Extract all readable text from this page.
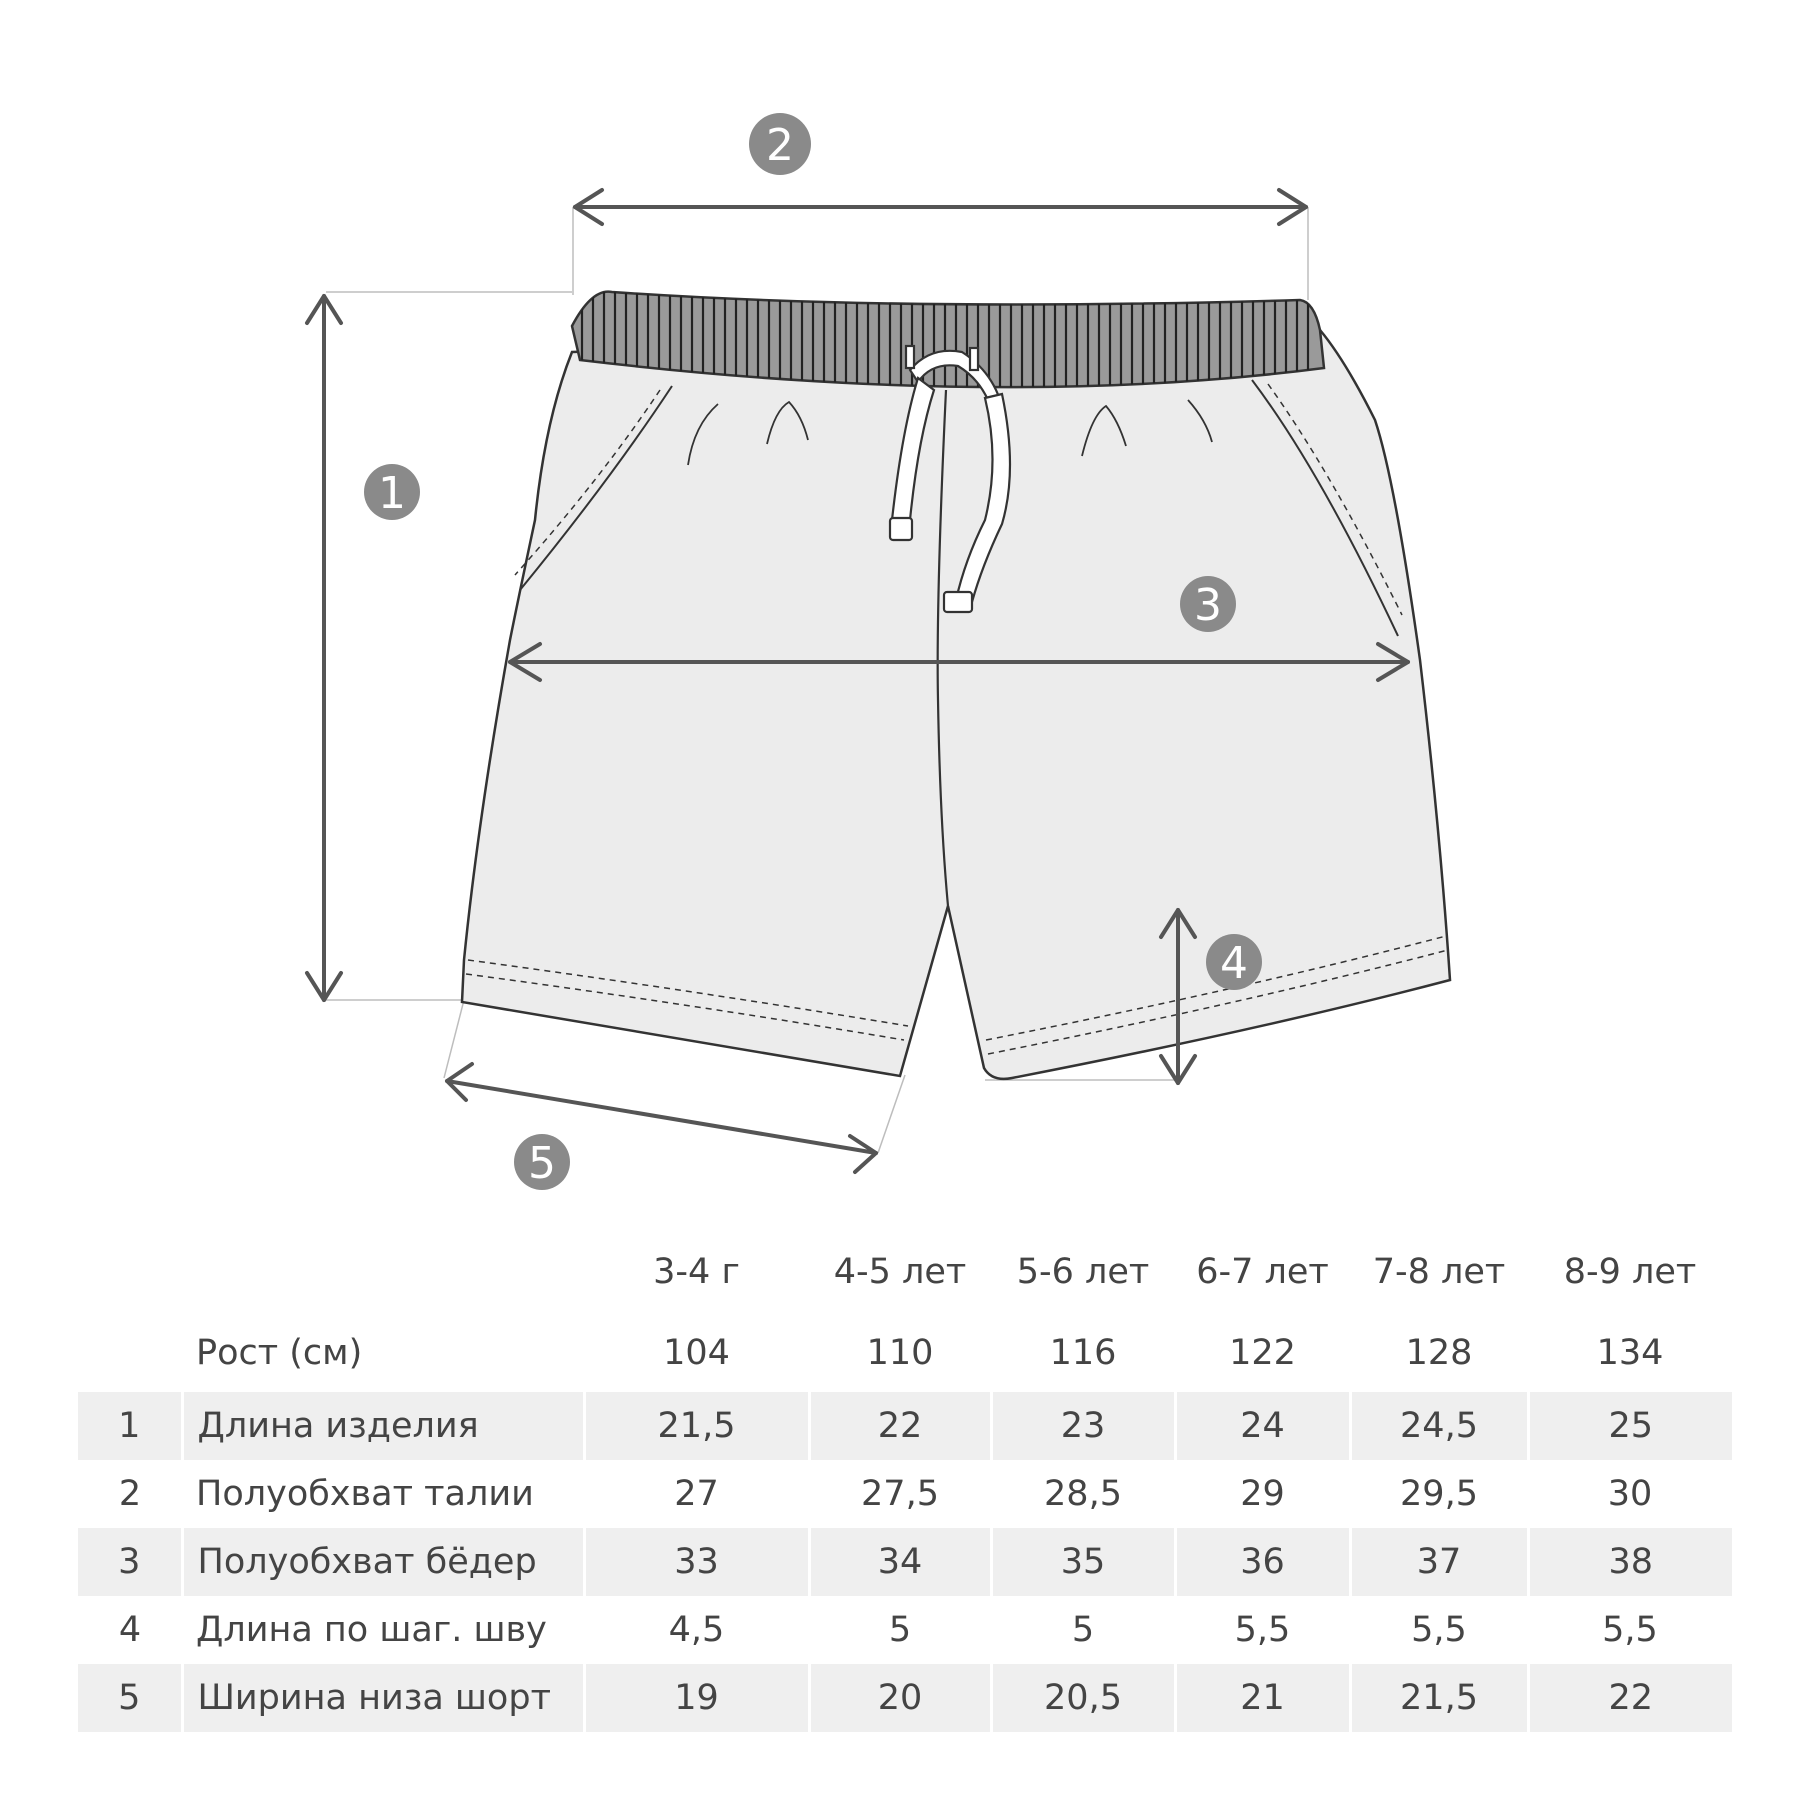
1
2
3
4
5
		3-4 г	4-5 лет	5-6 лет	6-7 лет	7-8 лет	8-9 лет
	Рост (см)	104	110	116	122	128	134
1	Длина изделия	21,5	22	23	24	24,5	25
2	Полуобхват талии	27	27,5	28,5	29	29,5	30
3	Полуобхват бёдер	33	34	35	36	37	38
4	Длина по шаг. шву	4,5	5	5	5,5	5,5	5,5
5	Ширина низа шорт	19	20	20,5	21	21,5	22
